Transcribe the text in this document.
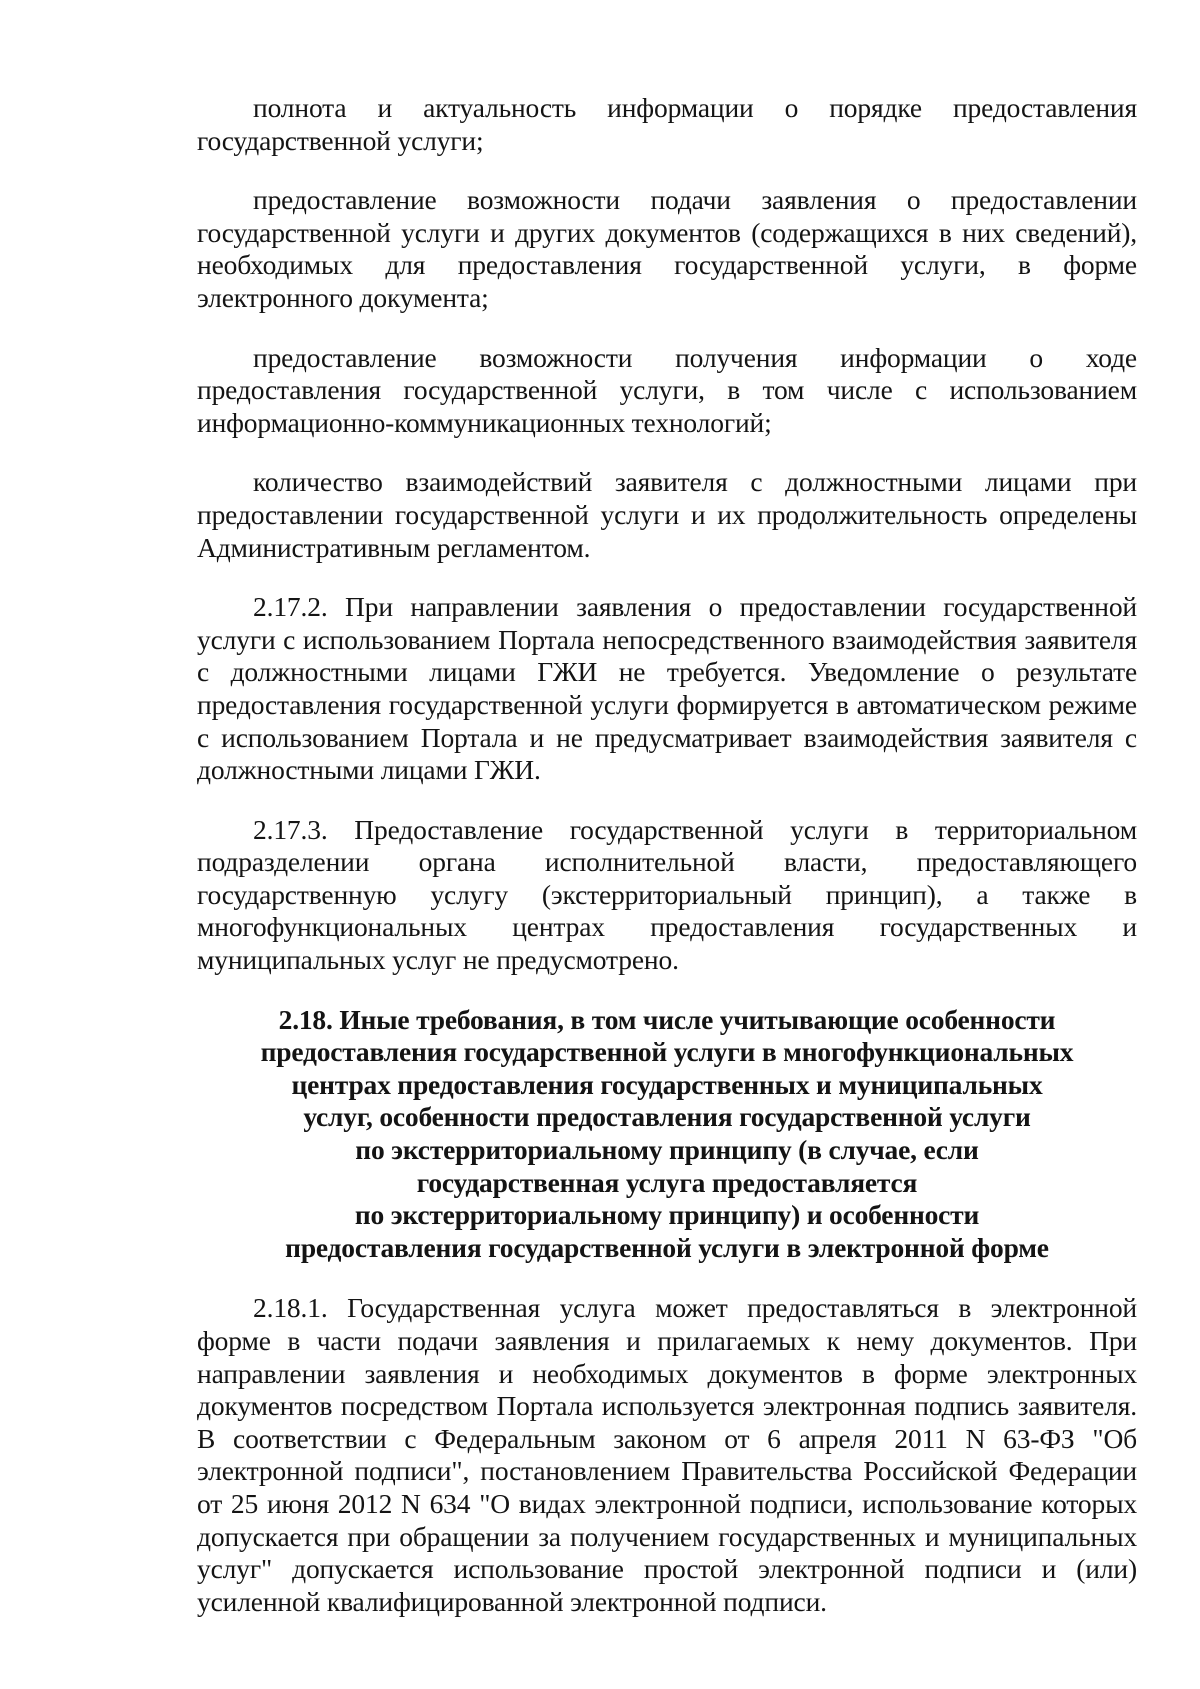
полнота и актуальность информации о порядке предоставления государственной услуги;

предоставление возможности подачи заявления о предоставлении государственной услуги и других документов (содержащихся в них сведений), необходимых для предоставления государственной услуги, в форме электронного документа;

предоставление возможности получения информации о ходе предоставления государственной услуги, в том числе с использованием информационно-коммуникационных технологий;

количество взаимодействий заявителя с должностными лицами при предоставлении государственной услуги и их продолжительность определены Административным регламентом.

2.17.2. При направлении заявления о предоставлении государственной услуги с использованием Портала непосредственного взаимодействия заявителя с должностными лицами ГЖИ не требуется. Уведомление о результате предоставления государственной услуги формируется в автоматическом режиме с использованием Портала и не предусматривает взаимодействия заявителя с должностными лицами ГЖИ.

2.17.3. Предоставление государственной услуги в территориальном подразделении органа исполнительной власти, предоставляющего государственную услугу (экстерриториальный принцип), а также в многофункциональных центрах предоставления государственных и муниципальных услуг не предусмотрено.

2.18. Иные требования, в том числе учитывающие особенности
предоставления государственной услуги в многофункциональных
центрах предоставления государственных и муниципальных
услуг, особенности предоставления государственной услуги
по экстерриториальному принципу (в случае, если
государственная услуга предоставляется
по экстерриториальному принципу) и особенности
предоставления государственной услуги в электронной форме

2.18.1. Государственная услуга может предоставляться в электронной форме в части подачи заявления и прилагаемых к нему документов. При направлении заявления и необходимых документов в форме электронных документов посредством Портала используется электронная подпись заявителя. В соответствии с Федеральным законом от 6 апреля 2011 N 63-ФЗ "Об электронной подписи", постановлением Правительства Российской Федерации от 25 июня 2012 N 634 "О видах электронной подписи, использование которых допускается при обращении за получением государственных и муниципальных услуг" допускается использование простой электронной подписи и (или) усиленной квалифицированной электронной подписи.
